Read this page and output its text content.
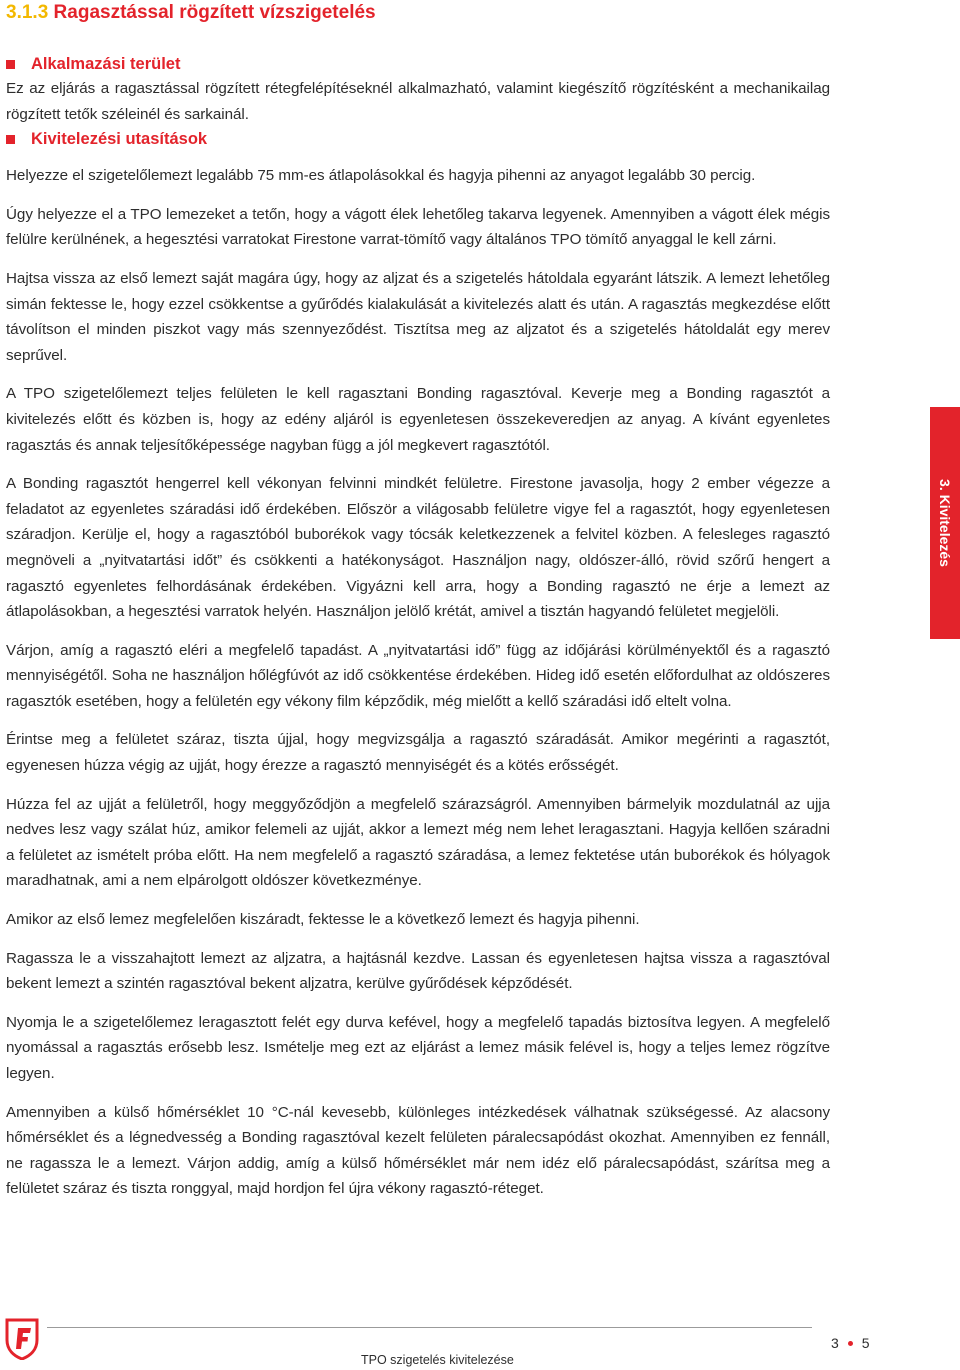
3.1.3 Ragasztással rögzített vízszigetelés
Alkalmazási terület

Ez az eljárás a ragasztással rögzített rétegfelépítéseknél alkalmazható, valamint kiegészítő rögzítésként a mechanikailag rögzített tetők széleinél és sarkainál.

Kivitelezési utasítások

Helyezze el szigetelőlemezt legalább 75 mm-es átlapolásokkal és hagyja pihenni az anyagot legalább 30 percig.

Úgy helyezze el a TPO lemezeket a tetőn, hogy a vágott élek lehetőleg takarva legyenek. Amennyiben a vágott élek mégis felülre kerülnének, a hegesztési varratokat Firestone varrat-tömítő vagy általános TPO tömítő anyaggal le kell zárni.

Hajtsa vissza az első lemezt saját magára úgy, hogy az aljzat és a szigetelés hátoldala egyaránt látszik. A lemezt lehetőleg simán fektesse le, hogy ezzel csökkentse a gyűrődés kialakulását a kivitelezés alatt és után. A ragasztás megkezdése előtt távolítson el minden piszkot vagy más szennyeződést. Tisztítsa meg az aljzatot és a szigetelés hátoldalát egy merev seprűvel.

A TPO szigetelőlemezt teljes felületen le kell ragasztani Bonding ragasztóval. Keverje meg a Bonding ragasztót a kivitelezés előtt és közben is, hogy az edény aljáról is egyenletesen összekeveredjen az anyag. A kívánt egyenletes ragasztás és annak teljesítőképessége nagyban függ a jól megkevert ragasztótól.

A Bonding ragasztót hengerrel kell vékonyan felvinni mindkét felületre. Firestone javasolja, hogy 2 ember végezze a feladatot az egyenletes száradási idő érdekében. Először a világosabb felületre vigye fel a ragasztót, hogy egyenletesen száradjon. Kerülje el, hogy a ragasztóból buborékok vagy tócsák keletkezzenek a felvitel közben. A felesleges ragasztó megnöveli a „nyitvatartási időt” és csökkenti a hatékonyságot. Használjon nagy, oldószer-álló, rövid szőrű hengert a ragasztó egyenletes felhordásának érdekében. Vigyázni kell arra, hogy a Bonding ragasztó ne érje a lemezt az átlapolásokban, a hegesztési varratok helyén. Használjon jelölő krétát, amivel a tisztán hagyandó felületet megjelöli.

Várjon, amíg a ragasztó eléri a megfelelő tapadást. A „nyitvatartási idő” függ az időjárási körülményektől és a ragasztó mennyiségétől. Soha ne használjon hőlégfúvót az idő csökkentése érdekében. Hideg idő esetén előfordulhat az oldószeres ragasztók esetében, hogy a felületén egy vékony film képződik, még mielőtt a kellő száradási idő eltelt volna.

Érintse meg a felületet száraz, tiszta újjal, hogy megvizsgálja a ragasztó száradását. Amikor megérinti a ragasztót, egyenesen húzza végig az ujját, hogy érezze a ragasztó mennyiségét és a kötés erősségét.

Húzza fel az ujját a felületről, hogy meggyőződjön a megfelelő szárazságról. Amennyiben bármelyik mozdulatnál az ujja nedves lesz vagy szálat húz, amikor felemeli az ujját, akkor a lemezt még nem lehet leragasztani. Hagyja kellően száradni a felületet az ismételt próba előtt. Ha nem megfelelő a ragasztó száradása, a lemez fektetése után buborékok és hólyagok maradhatnak, ami a nem elpárolgott oldószer következménye.

Amikor az első lemez megfelelően kiszáradt, fektesse le a következő lemezt és hagyja pihenni.

Ragassza le a visszahajtott lemezt az aljzatra, a hajtásnál kezdve. Lassan és egyenletesen hajtsa vissza a ragasztóval bekent lemezt a szintén ragasztóval bekent aljzatra, kerülve gyűrődések képződését.

Nyomja le a szigetelőlemez leragasztott felét egy durva kefével, hogy a megfelelő tapadás biztosítva legyen. A megfelelő nyomással a ragasztás erősebb lesz. Ismételje meg ezt az eljárást a lemez másik felével is, hogy a teljes lemez rögzítve legyen.

Amennyiben a külső hőmérséklet 10 °C-nál kevesebb, különleges intézkedések válhatnak szükségessé. Az alacsony hőmérséklet és a légnedvesség a Bonding ragasztóval kezelt felületen páralecsapódást okozhat. Amennyiben ez fennáll, ne ragassza le a lemezt. Várjon addig, amíg a külső hőmérséklet már nem idéz elő páralecsapódást, szárítsa meg a felületet száraz és tiszta ronggyal, majd hordjon fel újra vékony ragasztó-réteget.

3. Kivitelezés
TPO szigetelés kivitelezése
3 5
